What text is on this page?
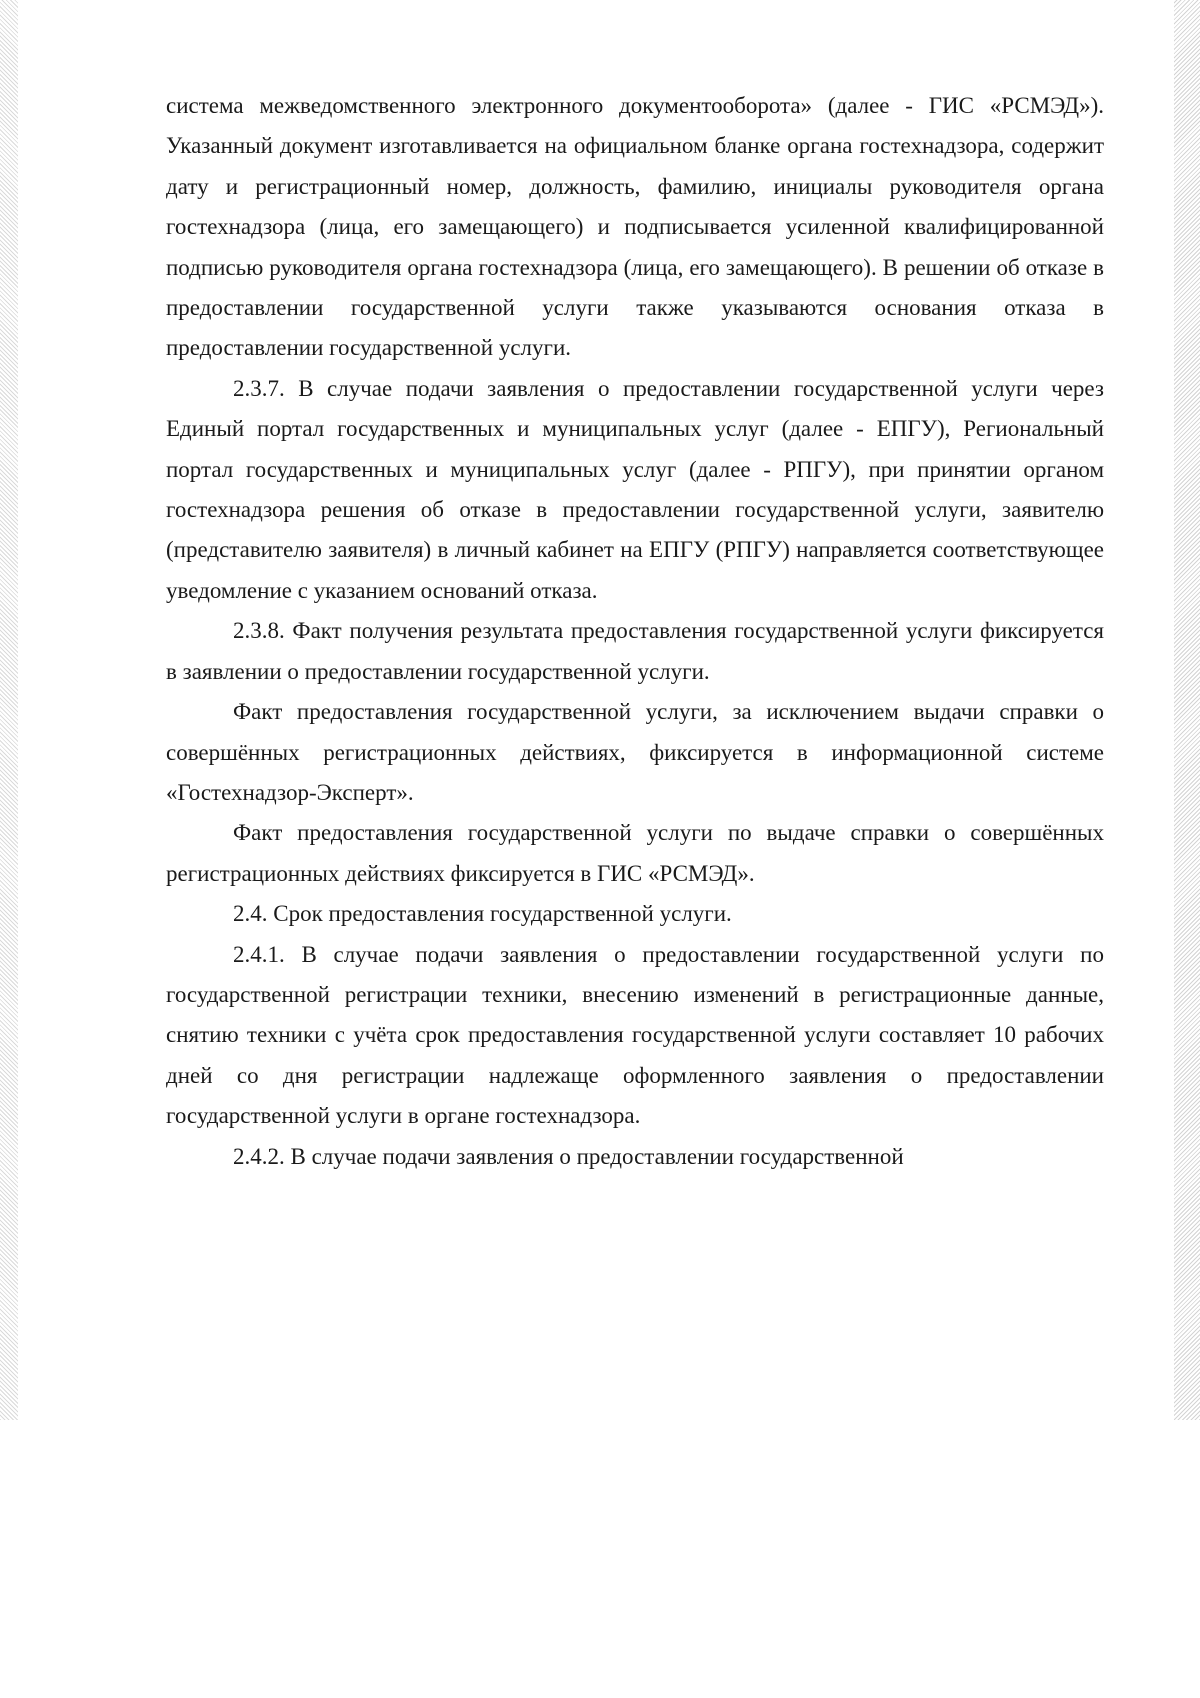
система межведомственного электронного документооборота» (далее - ГИС «РСМЭД»). Указанный документ изготавливается на официальном бланке органа гостехнадзора, содержит дату и регистрационный номер, должность, фамилию, инициалы руководителя органа гостехнадзора (лица, его замещающего) и подписывается усиленной квалифицированной подписью руководителя органа гостехнадзора (лица, его замещающего). В решении об отказе в предоставлении государственной услуги также указываются основания отказа в предоставлении государственной услуги.

2.3.7. В случае подачи заявления о предоставлении государственной услуги через Единый портал государственных и муниципальных услуг (далее - ЕПГУ), Региональный портал государственных и муниципальных услуг (далее - РПГУ), при принятии органом гостехнадзора решения об отказе в предоставлении государственной услуги, заявителю (представителю заявителя) в личный кабинет на ЕПГУ (РПГУ) направляется соответствующее уведомление с указанием оснований отказа.

2.3.8. Факт получения результата предоставления государственной услуги фиксируется в заявлении о предоставлении государственной услуги.

Факт предоставления государственной услуги, за исключением выдачи справки о совершённых регистрационных действиях, фиксируется в информационной системе «Гостехнадзор-Эксперт».

Факт предоставления государственной услуги по выдаче справки о совершённых регистрационных действиях фиксируется в ГИС «РСМЭД».

2.4. Срок предоставления государственной услуги.

2.4.1. В случае подачи заявления о предоставлении государственной услуги по государственной регистрации техники, внесению изменений в регистрационные данные, снятию техники с учёта срок предоставления государственной услуги составляет 10 рабочих дней со дня регистрации надлежаще оформленного заявления о предоставлении государственной услуги в органе гостехнадзора.

2.4.2. В случае подачи заявления о предоставлении государственной
